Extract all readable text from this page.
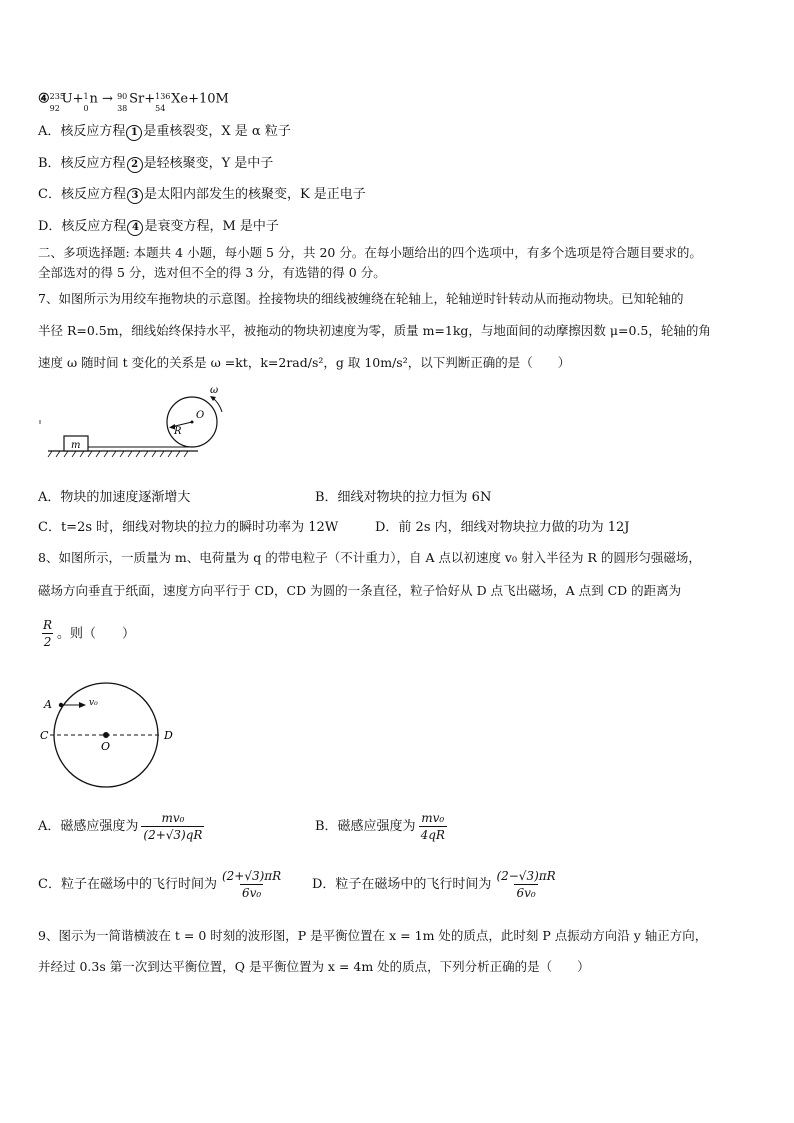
④ 235
92
U+ 1
0
n → 90
38
Sr+ 136
54
Xe+10M
A．核反应方程 1 是重核裂变，X 是 α 粒子
B．核反应方程 2 是轻核聚变，Y 是中子
C．核反应方程 3 是太阳内部发生的核聚变，K 是正电子
D．核反应方程 4 是衰变方程，M 是中子
二、多项选择题: 本题共 4 小题，每小题 5 分，共 20 分。在每小题给出的四个选项中，有多个选项是符合题目要求的。
全部选对的得 5 分，选对但不全的得 3 分，有选错的得 0 分。
7、如图所示为用绞车拖物块的示意图。拴接物块的细线被缠绕在轮轴上，轮轴逆时针转动从而拖动物块。已知轮轴的
半径 R=0.5m，细线始终保持水平，被拖动的物块初速度为零，质量 m=1kg，与地面间的动摩擦因数 μ=0.5，轮轴的角
速度 ω 随时间 t 变化的关系是 ω =kt，k=2rad/s²，g 取 10m/s²，以下判断正确的是（　　）
m
O
R
ω
A．物块的加速度逐渐增大	B．细线对物块的拉力恒为 6N
C．t=2s 时，细线对物块的拉力的瞬时功率为 12W	D．前 2s 内，细线对物块拉力做的功为 12J
8、如图所示，一质量为 m、电荷量为 q 的带电粒子（不计重力），自 A 点以初速度 v₀ 射入半径为 R 的圆形匀强磁场，
磁场方向垂直于纸面，速度方向平行于 CD，CD 为圆的一条直径，粒子恰好从 D 点飞出磁场，A 点到 CD 的距离为
$\frac{R}{2}$ 。则（　　）
A	v₀
C
O
D
A．磁感应强度为 $\frac{\text{mv₀}}{(2+√3)qR}$	B．磁感应强度为 $\frac{\text{mv₀}}{4qR}$
C．粒子在磁场中的飞行时间为 $\frac{(2+√3)\pi R}{\text{6v₀}}$ D．粒子在磁场中的飞行时间为 $\frac{(2-√3)\pi R}{\text{6v₀}}$
9、图示为一简谐横波在 t = 0 时刻的波形图，P 是平衡位置在 x = 1m 处的质点，此时刻 P 点振动方向沿 y 轴正方向，
并经过 0.3s 第一次到达平衡位置，Q 是平衡位置为 x = 4m 处的质点，下列分析正确的是（　　）
